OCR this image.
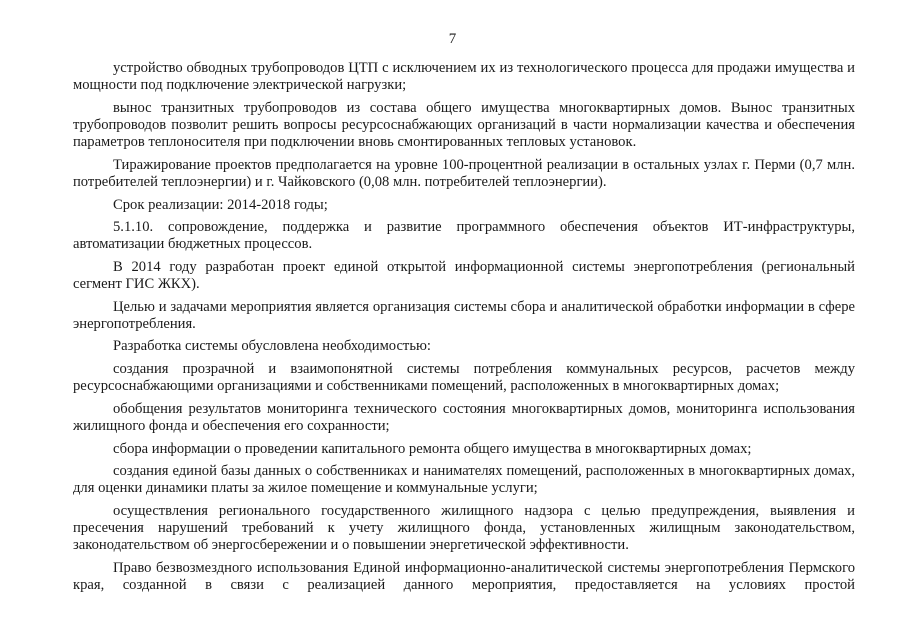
7

устройство обводных трубопроводов ЦТП с исключением их из технологического процесса для продажи имущества и мощности под подключение электрической нагрузки;

вынос транзитных трубопроводов из состава общего имущества многоквартирных домов. Вынос транзитных трубопроводов позволит решить вопросы ресурсоснабжающих организаций в части нормализации качества и обеспечения параметров теплоносителя при подключении вновь смонтированных тепловых установок.

Тиражирование проектов предполагается на уровне 100-процентной реализации в остальных узлах г. Перми (0,7 млн. потребителей теплоэнергии) и г. Чайковского (0,08 млн. потребителей теплоэнергии).

Срок реализации: 2014-2018 годы;

5.1.10. сопровождение, поддержка и развитие программного обеспечения объектов ИТ-инфраструктуры, автоматизации бюджетных процессов.

В 2014 году разработан проект единой открытой информационной системы энергопотребления (региональный сегмент ГИС ЖКХ).

Целью и задачами мероприятия является организация системы сбора и аналитической обработки информации в сфере энергопотребления.

Разработка системы обусловлена необходимостью:

создания прозрачной и взаимопонятной системы потребления коммунальных ресурсов, расчетов между ресурсоснабжающими организациями и собственниками помещений, расположенных в многоквартирных домах;

обобщения результатов мониторинга технического состояния многоквартирных домов, мониторинга использования жилищного фонда и обеспечения его сохранности;

сбора информации о проведении капитального ремонта общего имущества в многоквартирных домах;

создания единой базы данных о собственниках и нанимателях помещений, расположенных в многоквартирных домах, для оценки динамики платы за жилое помещение и коммунальные услуги;

осуществления регионального государственного жилищного надзора с целью предупреждения, выявления и пресечения нарушений требований к учету жилищного фонда, установленных жилищным законодательством, законодательством об энергосбережении и о повышении энергетической эффективности.

Право безвозмездного использования Единой информационно-аналитической системы энергопотребления Пермского края, созданной в связи с реализацией данного мероприятия, предоставляется на условиях простой
